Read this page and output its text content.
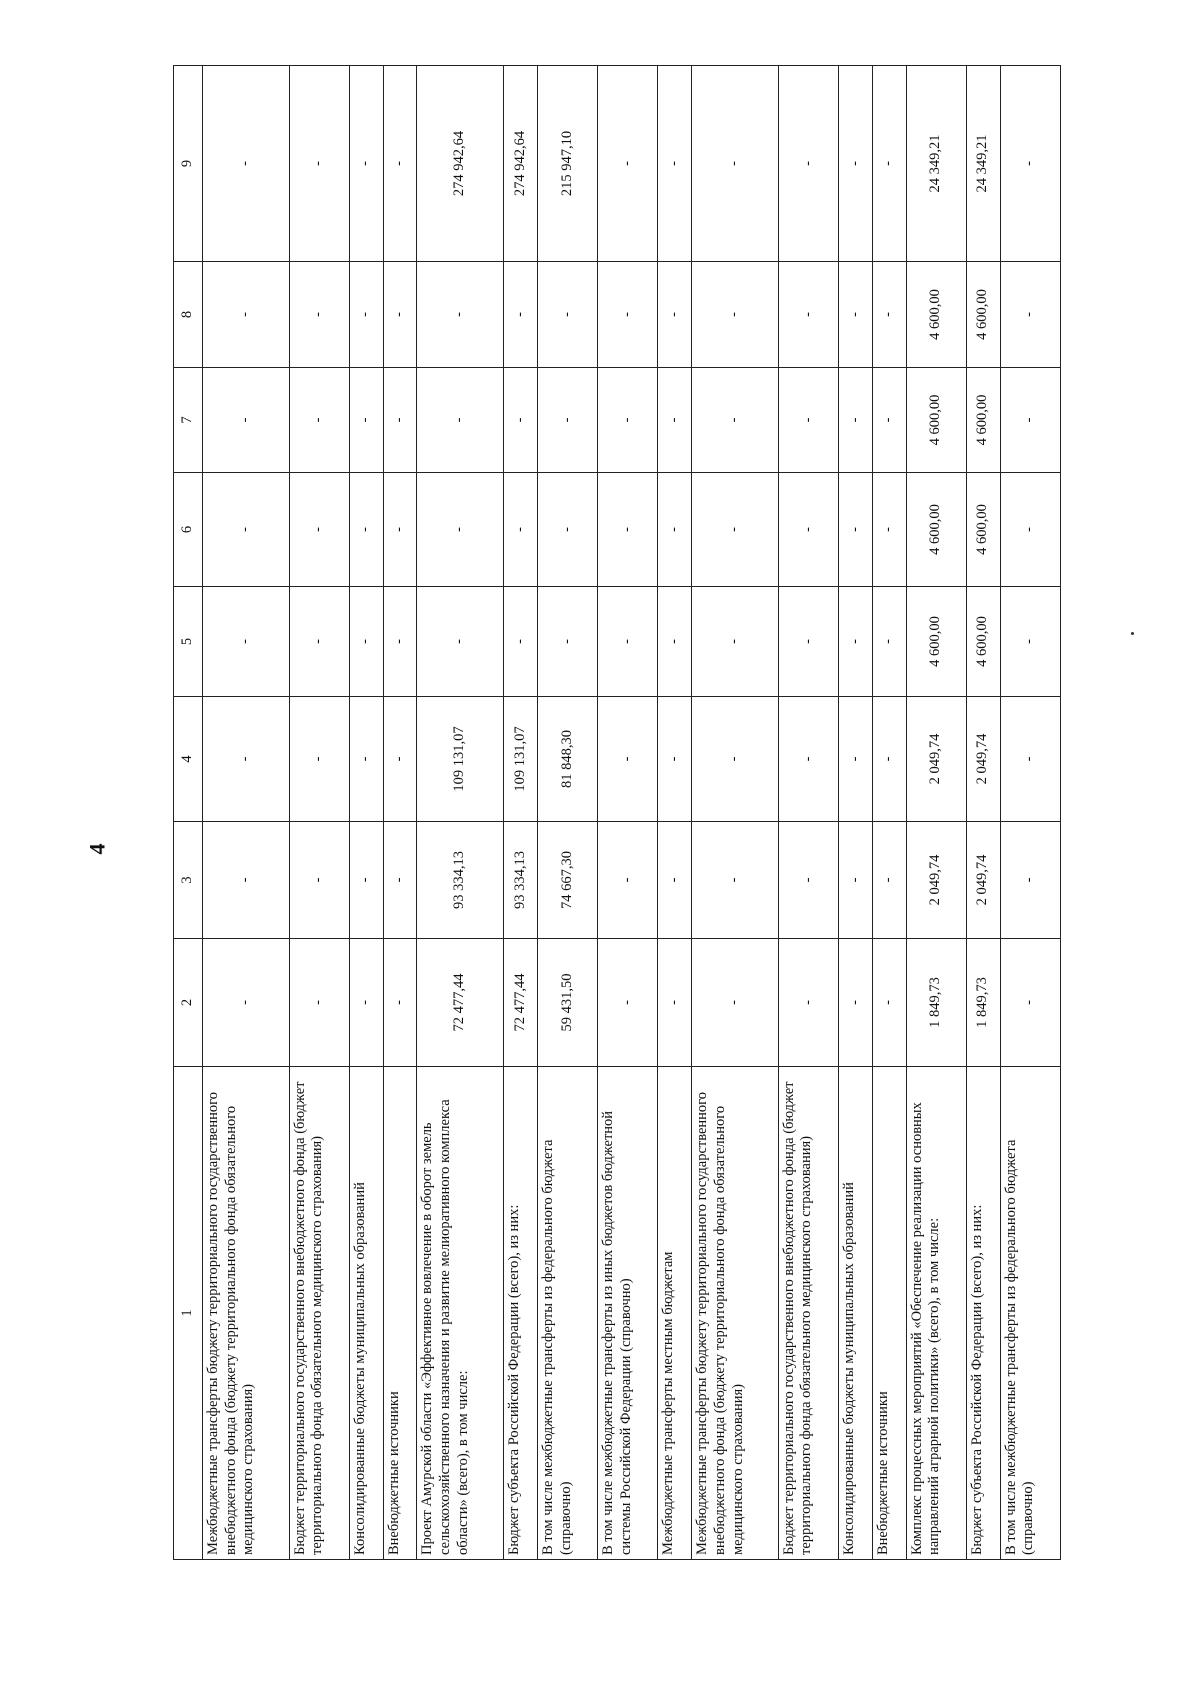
4
1	2	3	4	5	6	7	8	9
Межбюджетные трансферты бюджету территориального государственного внебюджетного фонда (бюджету территориального фонда обязательного медицинского страхования)	-	-	-	-	-	-	-	-
Бюджет территориального государственного внебюджетного фонда (бюджет территориального фонда обязательного медицинского страхования)	-	-	-	-	-	-	-	-
Консолидированные бюджеты муниципальных образований	-	-	-	-	-	-	-	-
Внебюджетные источники	-	-	-	-	-	-	-	-
Проект Амурской области «Эффективное вовлечение в оборот земель сельскохозяйственного назначения и развитие мелиоративного комплекса области» (всего), в том числе:	72 477,44	93 334,13	109 131,07	-	-	-	-	274 942,64
Бюджет субъекта Российской Федерации (всего), из них:	72 477,44	93 334,13	109 131,07	-	-	-	-	274 942,64
В том числе межбюджетные трансферты из федерального бюджета (справочно)	59 431,50	74 667,30	81 848,30	-	-	-	-	215 947,10
В том числе межбюджетные трансферты из иных бюджетов бюджетной системы Российской Федерации (справочно)	-	-	-	-	-	-	-	-
Межбюджетные трансферты местным бюджетам	-	-	-	-	-	-	-	-
Межбюджетные трансферты бюджету территориального государственного внебюджетного фонда (бюджету территориального фонда обязательного медицинского страхования)	-	-	-	-	-	-	-	-
Бюджет территориального государственного внебюджетного фонда (бюджет территориального фонда обязательного медицинского страхования)	-	-	-	-	-	-	-	-
Консолидированные бюджеты муниципальных образований	-	-	-	-	-	-	-	-
Внебюджетные источники	-	-	-	-	-	-	-	-
Комплекс процессных мероприятий «Обеспечение реализации основных направлений аграрной политики» (всего), в том числе:	1 849,73	2 049,74	2 049,74	4 600,00	4 600,00	4 600,00	4 600,00	24 349,21
Бюджет субъекта Российской Федерации (всего), из них:	1 849,73	2 049,74	2 049,74	4 600,00	4 600,00	4 600,00	4 600,00	24 349,21
В том числе межбюджетные трансферты из федерального бюджета (справочно)	-	-	-	-	-	-	-	-
